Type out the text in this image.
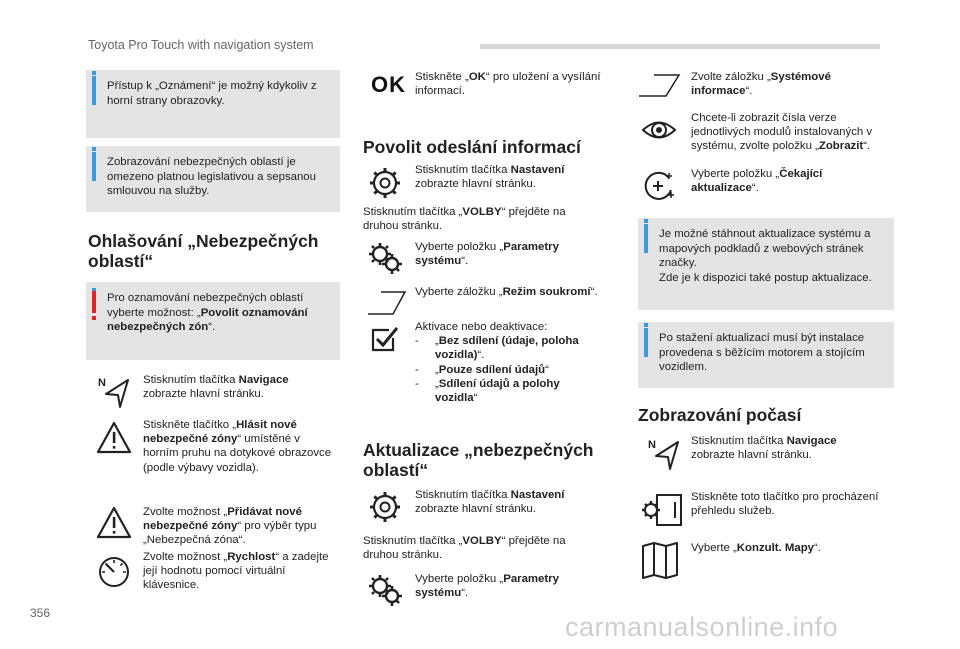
Toyota Pro Touch with navigation system
Přístup k „Oznámení“ je možný kdykoliv z horní strany obrazovky.
Zobrazování nebezpečných oblastí je omezeno platnou legislativou a sepsanou smlouvou na služby.
Ohlašování „Nebezpečných oblastí“
Pro oznamování nebezpečných oblastí vyberte možnost: „Povolit oznamování nebezpečných zón“.
N	Stisknutím tlačítka Navigace zobrazte hlavní stránku.
Stiskněte tlačítko „Hlásit nové nebezpečné zóny“ umístěné v horním pruhu na dotykové obrazovce (podle výbavy vozidla).
Zvolte možnost „Přidávat nové nebezpečné zóny“ pro výběr typu „Nebezpečná zóna“.
Zvolte možnost „Rychlost“ a zadejte její hodnotu pomocí virtuální klávesnice.
OK Stiskněte „OK“ pro uložení a vysílání informací.
Povolit odeslání informací
Stisknutím tlačítka Nastavení zobrazte hlavní stránku.
Stisknutím tlačítka „VOLBY“ přejděte na druhou stránku.
Vyberte položku „Parametry systému“.
Vyberte záložku „Režim soukromí“.
Aktivace nebo deaktivace:
-	„Bez sdílení (údaje, poloha vozidla)“.
-	„Pouze sdílení údajů“
-	„Sdílení údajů a polohy vozidla“
Aktualizace „nebezpečných oblastí“
Stisknutím tlačítka Nastavení zobrazte hlavní stránku.
Stisknutím tlačítka „VOLBY“ přejděte na druhou stránku.
Vyberte položku „Parametry systému“.
Zvolte záložku „Systémové informace“.
Chcete-li zobrazit čísla verze jednotlivých modulů instalovaných v systému, zvolte položku „Zobrazit“.
Vyberte položku „Čekající aktualizace“.
Je možné stáhnout aktualizace systému a mapových podkladů z webových stránek značky.
Zde je k dispozici také postup aktualizace.
Po stažení aktualizací musí být instalace provedena s běžícím motorem a stojícím vozidlem.
Zobrazování počasí
N	Stisknutím tlačítka Navigace zobrazte hlavní stránku.
Stiskněte toto tlačítko pro procházení přehledu služeb.
Vyberte „Konzult. Mapy“.
356	carmanualsonline.info
